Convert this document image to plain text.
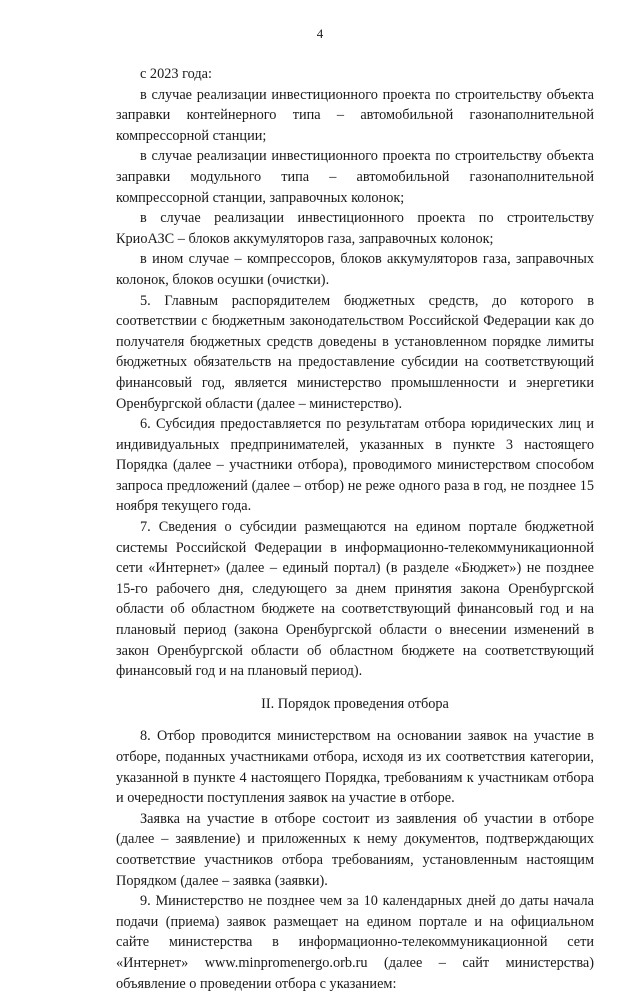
4

с 2023 года:

в случае реализации инвестиционного проекта по строительству объекта заправки контейнерного типа – автомобильной газонаполнительной компрессорной станции;

в случае реализации инвестиционного проекта по строительству объекта заправки модульного типа – автомобильной газонаполнительной компрессорной станции, заправочных колонок;

в случае реализации инвестиционного проекта по строительству КриоАЗС – блоков аккумуляторов газа, заправочных колонок;

в ином случае – компрессоров, блоков аккумуляторов газа, заправочных колонок, блоков осушки (очистки).

5. Главным распорядителем бюджетных средств, до которого в соответствии с бюджетным законодательством Российской Федерации как до получателя бюджетных средств доведены в установленном порядке лимиты бюджетных обязательств на предоставление субсидии на соответствующий финансовый год, является министерство промышленности и энергетики Оренбургской области (далее – министерство).

6. Субсидия предоставляется по результатам отбора юридических лиц и индивидуальных предпринимателей, указанных в пункте 3 настоящего Порядка (далее – участники отбора), проводимого министерством способом запроса предложений (далее – отбор) не реже одного раза в год, не позднее 15 ноября текущего года.

7. Сведения о субсидии размещаются на едином портале бюджетной системы Российской Федерации в информационно-телекоммуникационной сети «Интернет» (далее – единый портал) (в разделе «Бюджет») не позднее 15-го рабочего дня, следующего за днем принятия закона Оренбургской области об областном бюджете на соответствующий финансовый год и на плановый период (закона Оренбургской области о внесении изменений в закон Оренбургской области об областном бюджете на соответствующий финансовый год и на плановый период).

II. Порядок проведения отбора

8. Отбор проводится министерством на основании заявок на участие в отборе, поданных участниками отбора, исходя из их соответствия категории, указанной в пункте 4 настоящего Порядка, требованиям к участникам отбора и очередности поступления заявок на участие в отборе.

Заявка на участие в отборе состоит из заявления об участии в отборе (далее – заявление) и приложенных к нему документов, подтверждающих соответствие участников отбора требованиям, установленным настоящим Порядком (далее – заявка (заявки).

9. Министерство не позднее чем за 10 календарных дней до даты начала подачи (приема) заявок размещает на едином портале и на официальном сайте министерства в информационно-телекоммуникационной сети «Интернет» www.minpromenergo.orb.ru (далее – сайт министерства) объявление о проведении отбора с указанием:
